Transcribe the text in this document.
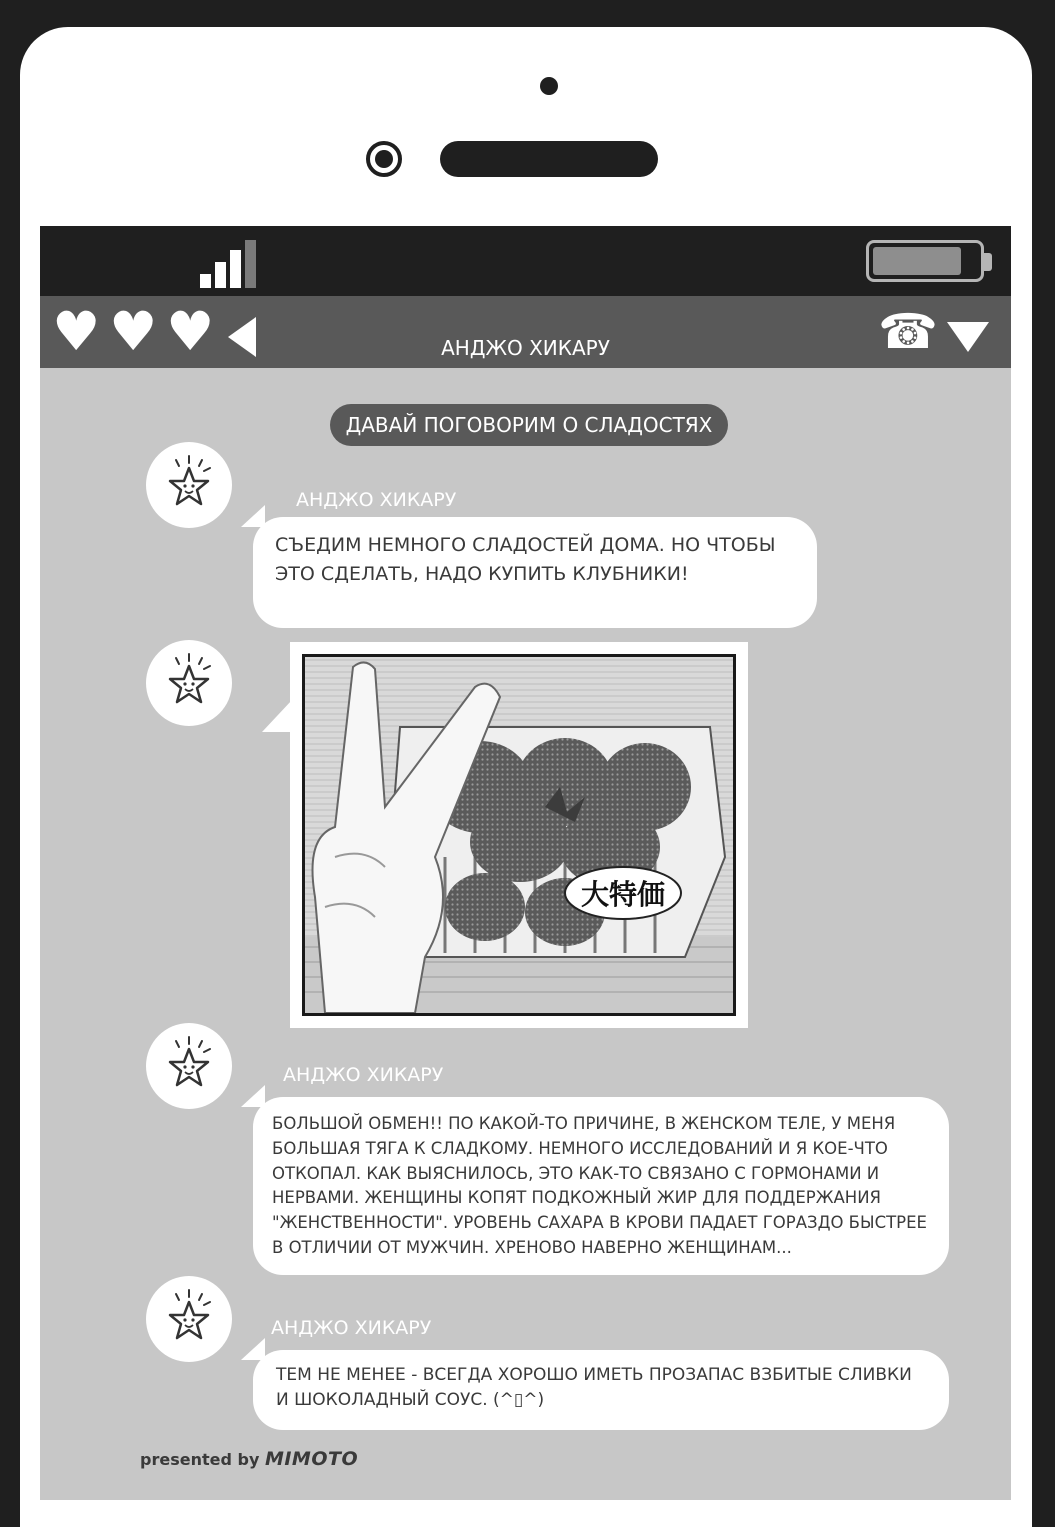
♥ ♥ ♥	АНДЖО ХИКАРУ	☎
ДАВАЙ ПОГОВОРИМ О СЛАДОСТЯХ
АНДЖО ХИКАРУ
СЪЕДИМ НЕМНОГО СЛАДОСТЕЙ ДОМА. НО ЧТОБЫ ЭТО СДЕЛАТЬ, НАДО КУПИТЬ КЛУБНИКИ!
大特価
АНДЖО ХИКАРУ
БОЛЬШОЙ ОБМЕН!! ПО КАКОЙ-ТО ПРИЧИНЕ, В ЖЕНСКОМ ТЕЛЕ, У МЕНЯ БОЛЬШАЯ ТЯГА К СЛАДКОМУ. НЕМНОГО ИССЛЕДОВАНИЙ И Я КОЕ-ЧТО ОТКОПАЛ. КАК ВЫЯСНИЛОСЬ, ЭТО КАК-ТО СВЯЗАНО С ГОРМОНАМИ И НЕРВАМИ. ЖЕНЩИНЫ КОПЯТ ПОДКОЖНЫЙ ЖИР ДЛЯ ПОДДЕРЖАНИЯ "ЖЕНСТВЕННОСТИ". УРОВЕНЬ САХАРА В КРОВИ ПАДАЕТ ГОРАЗДО БЫСТРЕЕ В ОТЛИЧИИ ОТ МУЖЧИН. ХРЕНОВО НАВЕРНО ЖЕНЩИНАМ...
АНДЖО ХИКАРУ
ТЕМ НЕ МЕНЕЕ - ВСЕГДА ХОРОШО ИМЕТЬ ПРОЗАПАС ВЗБИТЫЕ СЛИВКИ И ШОКОЛАДНЫЙ СОУС. (^▯^)
presented by MIMOTO
